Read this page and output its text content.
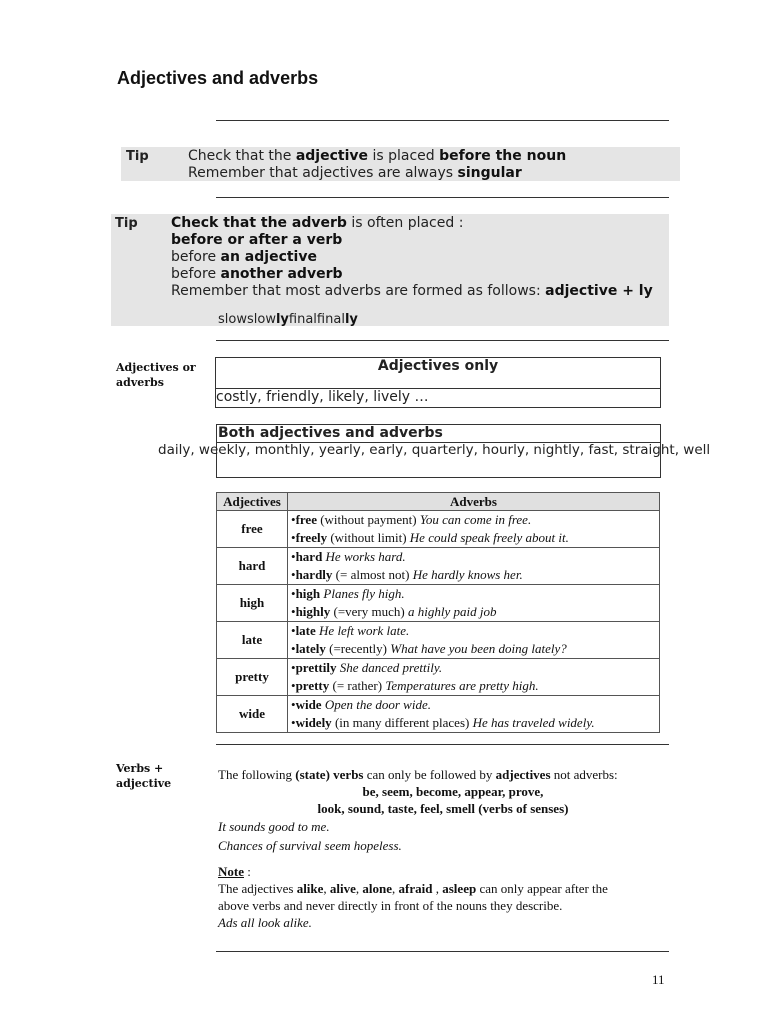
Adjectives and adverbs
Tip	Check that the adjective is placed before the noun
Remember that adjectives are always singular
Tip Check that the adverb is often placed :
before or after a verb
before an adjective
before another adverb
Remember that most adverbs are formed as follows: adjective + ly
slowslowlyfinalfinally
Adjectives or
adverbs
Adjectives only
costly, friendly, likely, lively …
Both adjectives and adverbs
daily, weekly, monthly, yearly, early, quarterly, hourly, nightly, fast, straight, well
Adjectives	Adverbs
free	•free (without payment) You can come in free.
•freely (without limit) He could speak freely about it.

hard	•hard He works hard.
•hardly (= almost not) He hardly knows her.

high	•high Planes fly high.
•highly (=very much) a highly paid job

late	•late He left work late.
•lately (=recently) What have you been doing lately?

pretty	•prettily She danced prettily.
•pretty (= rather) Temperatures are pretty high.

wide	•wide Open the door wide.
•widely (in many different places) He has traveled widely.
Verbs +
adjective
The following (state) verbs can only be followed by adjectives not adverbs:
be, seem, become, appear, prove,
look, sound, taste, feel, smell (verbs of senses)
It sounds good to me.
Chances of survival seem hopeless.
Note :
The adjectives alike, alive, alone, afraid , asleep can only appear after the
above verbs and never directly in front of the nouns they describe.
Ads all look alike.
11
